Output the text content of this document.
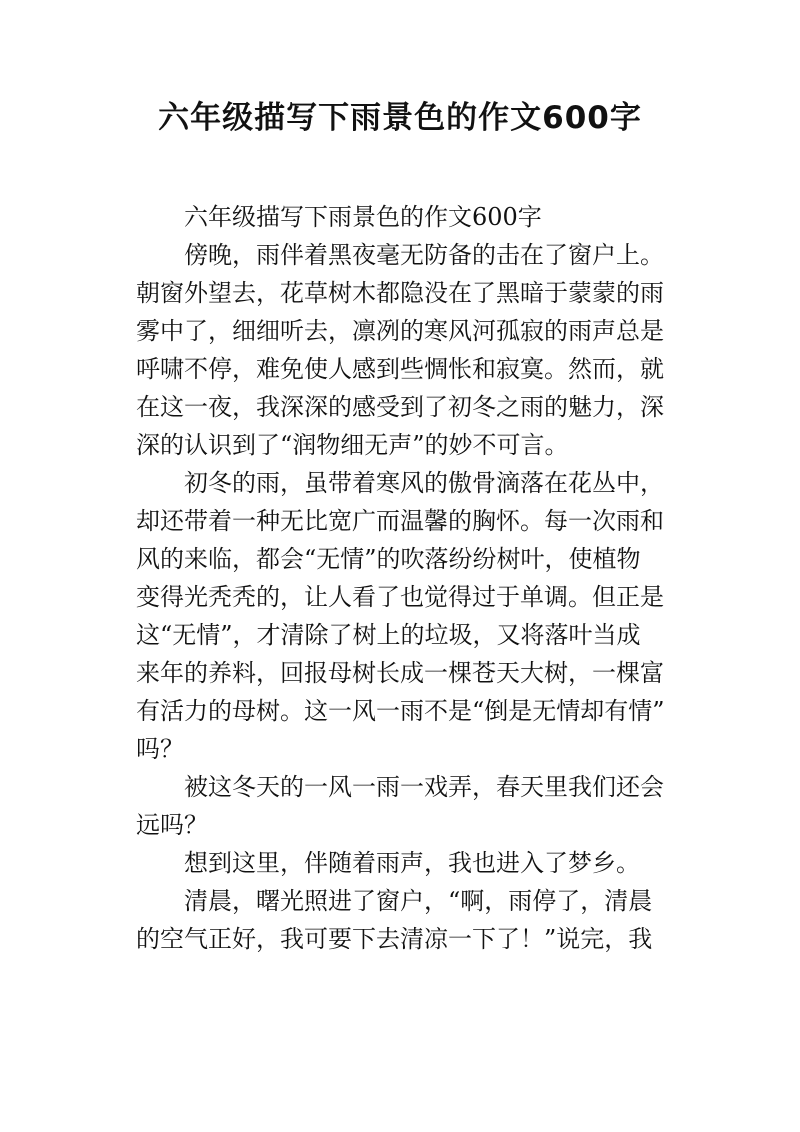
六年级描写下雨景色的作文600字
六年级描写下雨景色的作文600字
傍晚，雨伴着黑夜毫无防备的击在了窗户上。
朝窗外望去，花草树木都隐没在了黑暗于蒙蒙的雨
雾中了，细细听去，凛冽的寒风河孤寂的雨声总是
呼啸不停，难免使人感到些惆怅和寂寞。然而，就
在这一夜，我深深的感受到了初冬之雨的魅力，深
深的认识到了“润物细无声”的妙不可言。
初冬的雨，虽带着寒风的傲骨滴落在花丛中，
却还带着一种无比宽广而温馨的胸怀。每一次雨和
风的来临，都会“无情”的吹落纷纷树叶，使植物
变得光秃秃的，让人看了也觉得过于单调。但正是
这“无情”，才清除了树上的垃圾，又将落叶当成
来年的养料，回报母树长成一棵苍天大树，一棵富
有活力的母树。这一风一雨不是“倒是无情却有情”
吗？
被这冬天的一风一雨一戏弄，春天里我们还会
远吗？
想到这里，伴随着雨声，我也进入了梦乡。
清晨，曙光照进了窗户，“啊，雨停了，清晨
的空气正好，我可要下去清凉一下了！”说完，我
